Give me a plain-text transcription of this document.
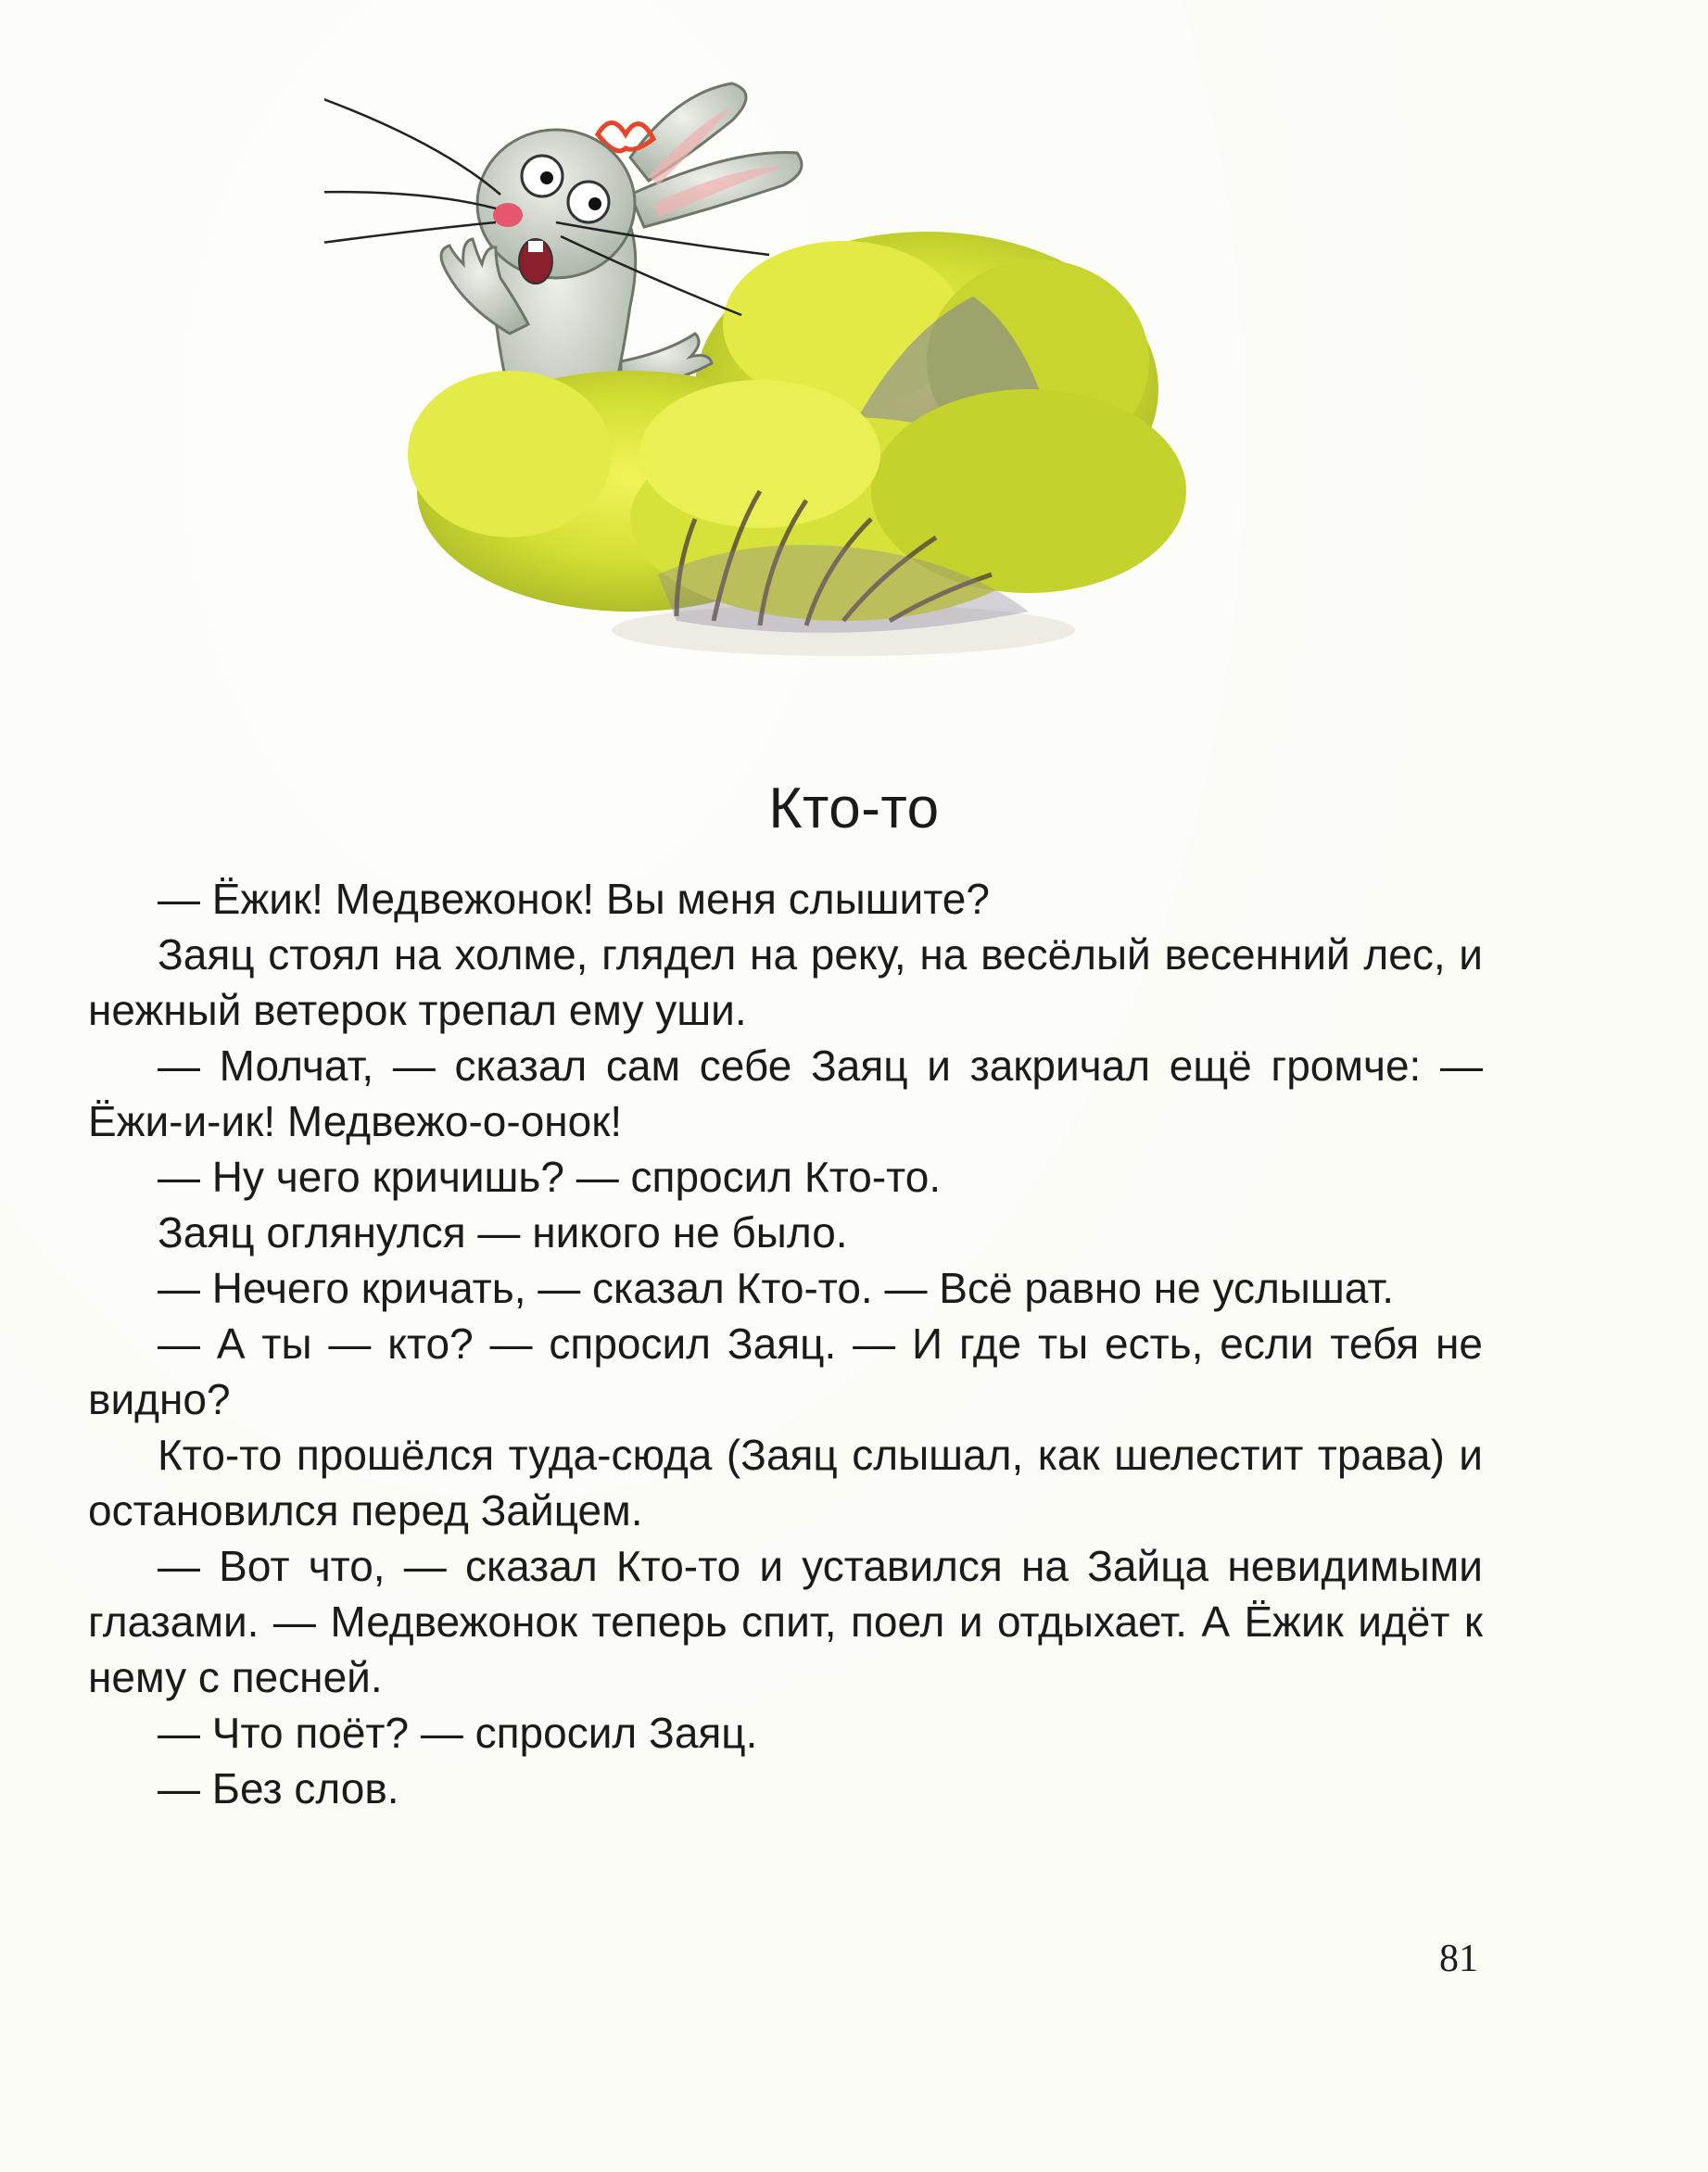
Кто-то

— Ёжик! Медвежонок! Вы меня слышите?

Заяц стоял на холме, глядел на реку, на весёлый весенний лес, и нежный ветерок трепал ему уши.

— Молчат, — сказал сам себе Заяц и закричал ещё громче: — Ёжи-и-ик! Медвежо-о-онок!

— Ну чего кричишь? — спросил Кто-то.

Заяц оглянулся — никого не было.

— Нечего кричать, — сказал Кто-то. — Всё равно не услышат.

— А ты — кто? — спросил Заяц. — И где ты есть, если тебя не видно?

Кто-то прошёлся туда-сюда (Заяц слышал, как шелестит трава) и остановился перед Зайцем.

— Вот что, — сказал Кто-то и уставился на Зайца невидимыми глазами. — Медвежонок теперь спит, поел и отдыхает. А Ёжик идёт к нему с песней.

— Что поёт? — спросил Заяц.

— Без слов.

81
